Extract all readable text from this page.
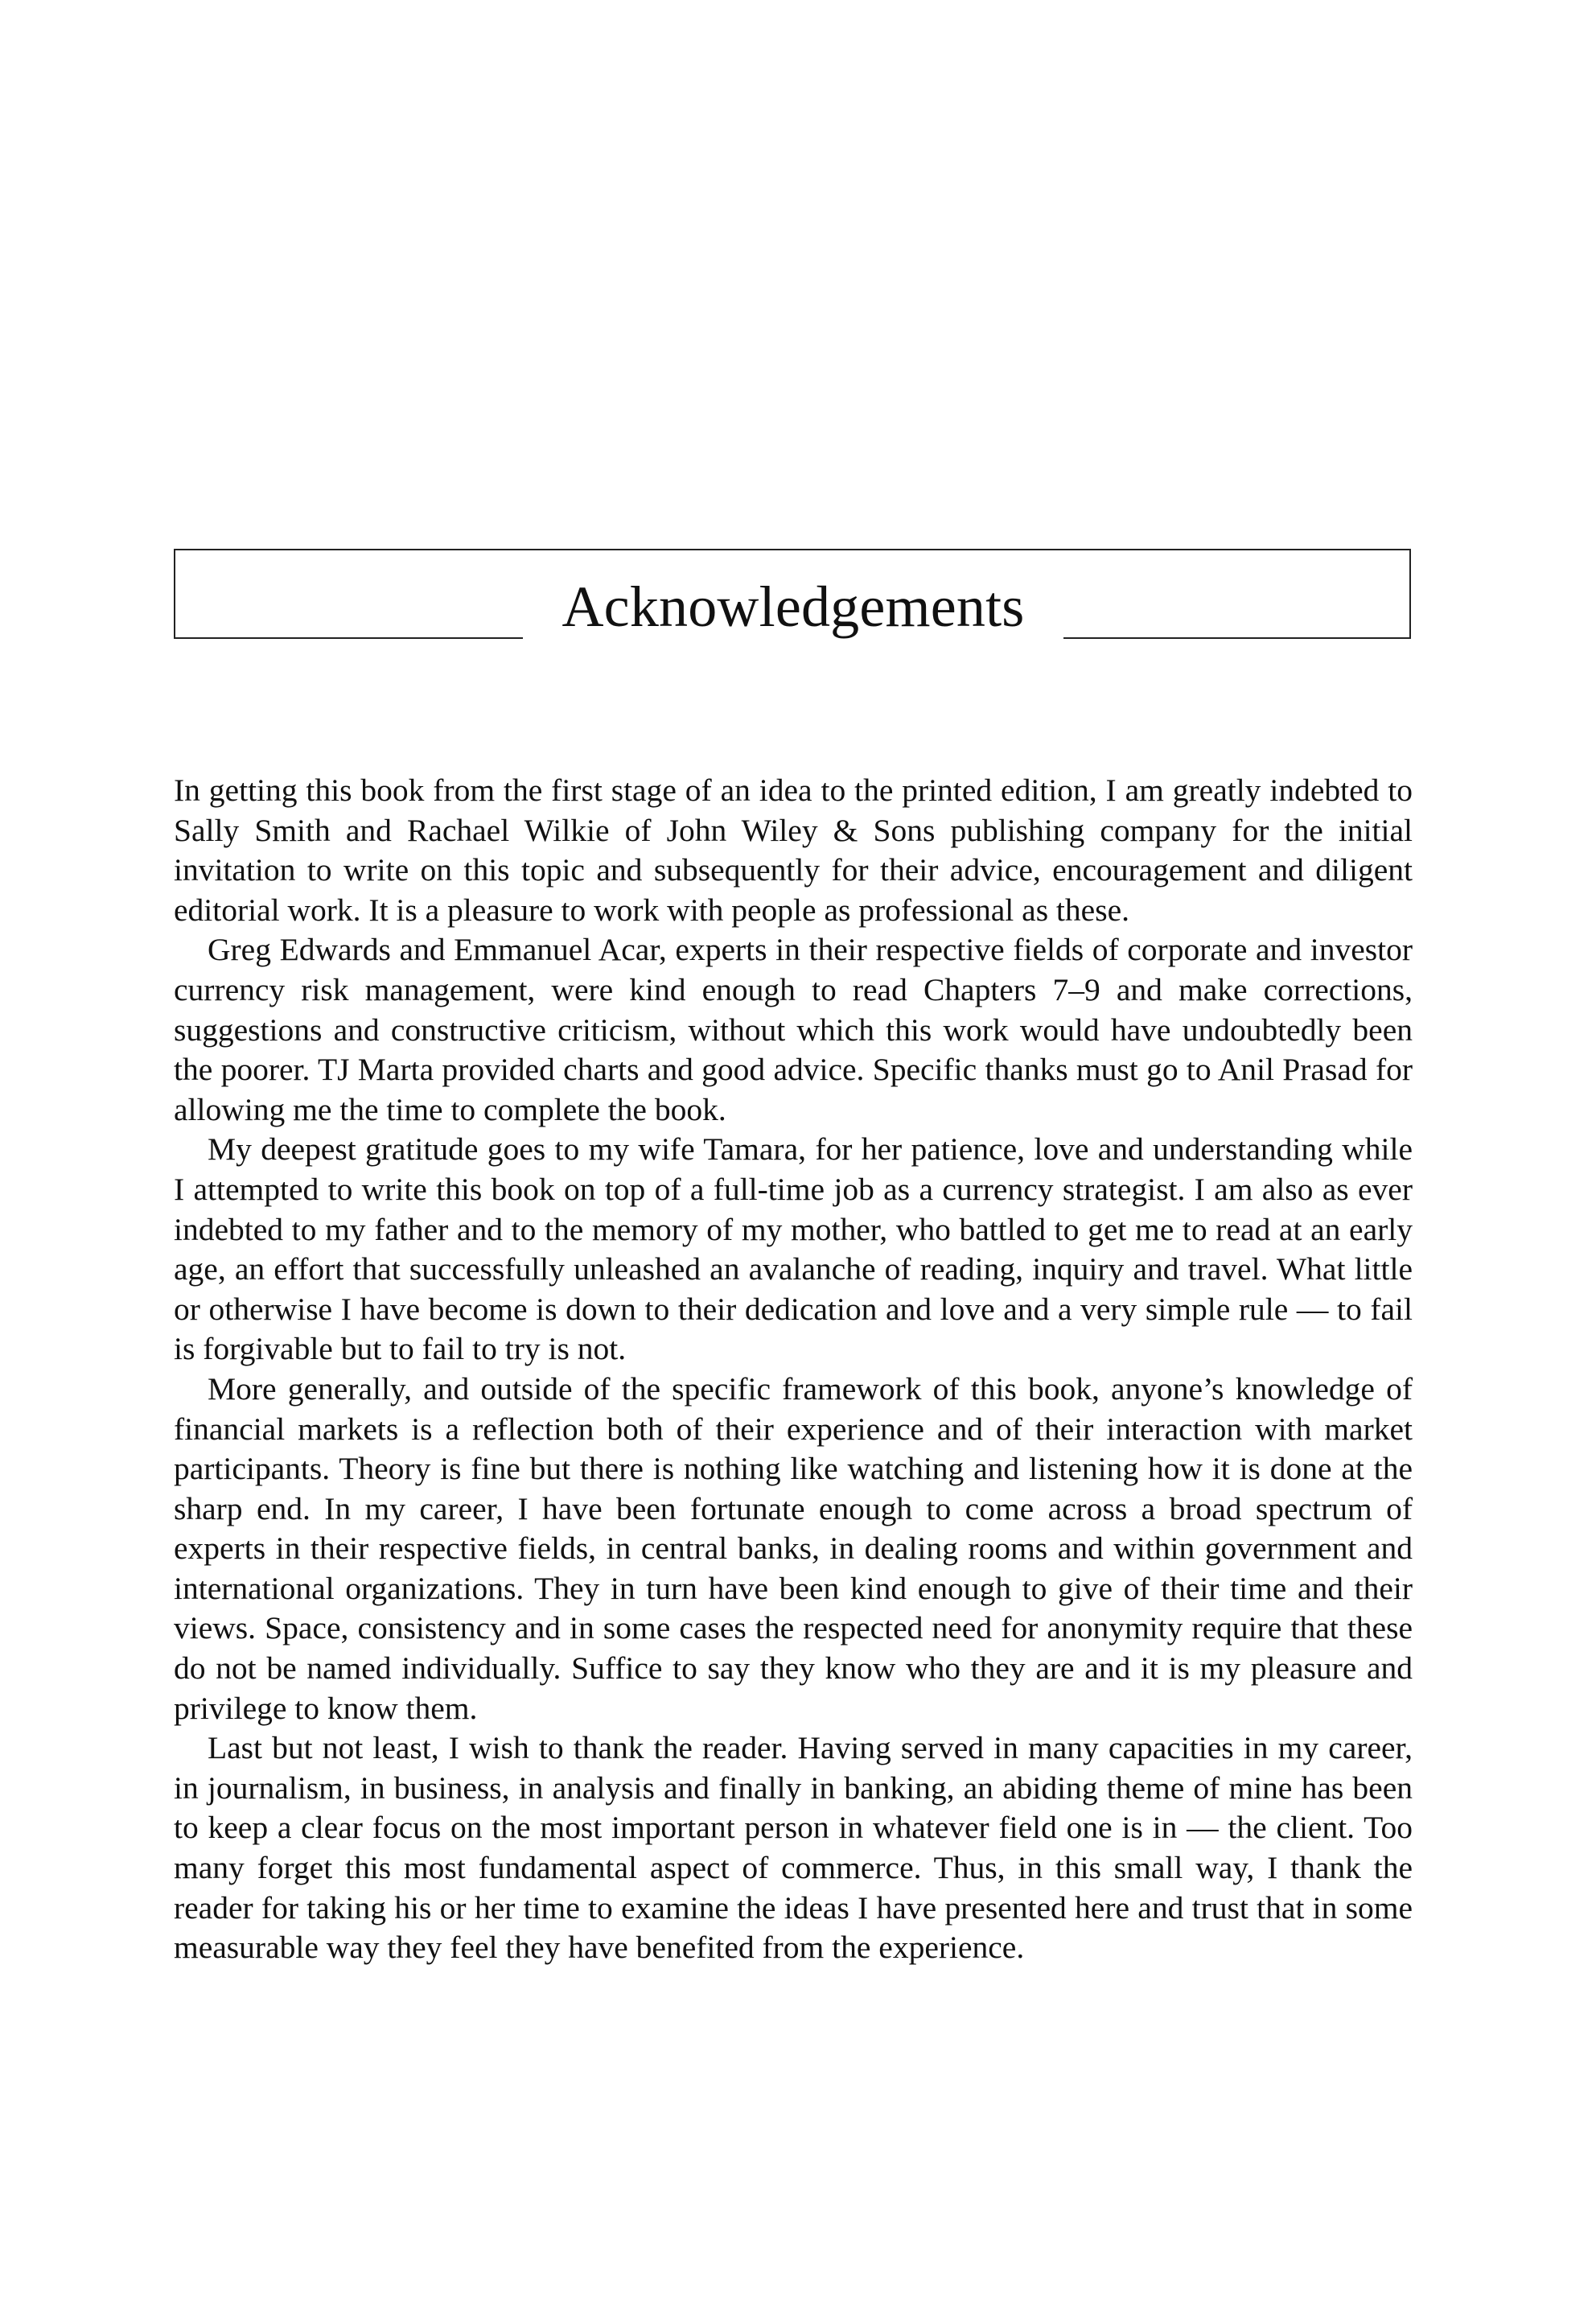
Acknowledgements

In getting this book from the first stage of an idea to the printed edition, I am greatly indebted to Sally Smith and Rachael Wilkie of John Wiley & Sons publishing company for the initial invitation to write on this topic and subsequently for their advice, encouragement and diligent editorial work. It is a pleasure to work with people as professional as these.

Greg Edwards and Emmanuel Acar, experts in their respective fields of corporate and investor currency risk management, were kind enough to read Chapters 7–9 and make corrections, suggestions and constructive criticism, without which this work would have undoubtedly been the poorer. TJ Marta provided charts and good advice. Specific thanks must go to Anil Prasad for allowing me the time to complete the book.

My deepest gratitude goes to my wife Tamara, for her patience, love and understanding while I attempted to write this book on top of a full-time job as a currency strategist. I am also as ever indebted to my father and to the memory of my mother, who battled to get me to read at an early age, an effort that successfully unleashed an avalanche of reading, inquiry and travel. What little or otherwise I have become is down to their dedication and love and a very simple rule — to fail is forgivable but to fail to try is not.

More generally, and outside of the specific framework of this book, anyone’s knowledge of financial markets is a reflection both of their experience and of their interaction with market participants. Theory is fine but there is nothing like watching and listening how it is done at the sharp end. In my career, I have been fortunate enough to come across a broad spectrum of experts in their respective fields, in central banks, in dealing rooms and within government and international organizations. They in turn have been kind enough to give of their time and their views. Space, consistency and in some cases the respected need for anonymity require that these do not be named individually. Suffice to say they know who they are and it is my pleasure and privilege to know them.

Last but not least, I wish to thank the reader. Having served in many capacities in my career, in journalism, in business, in analysis and finally in banking, an abiding theme of mine has been to keep a clear focus on the most important person in whatever field one is in — the client. Too many forget this most fundamental aspect of commerce. Thus, in this small way, I thank the reader for taking his or her time to examine the ideas I have presented here and trust that in some measurable way they feel they have benefited from the experience.
